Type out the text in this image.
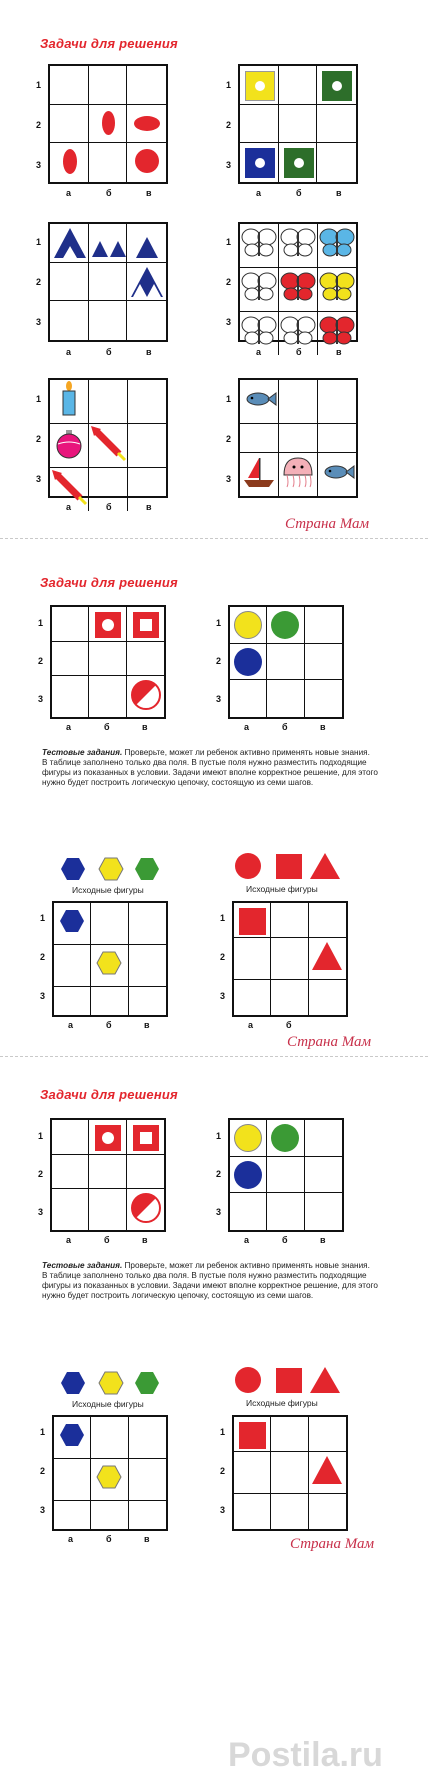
Задачи для решения
1
2
3
а	б	в
1
2
3
а	б	в
1
2
3
а	б	в
1
2
3
а	б	в
1
2
3
а	б	в
1
2
3
Страна Мам
Задачи для решения
1
2
3
а	б	в
1
2
3
а	б	в
Тестовые задания. Проверьте, может ли ребенок активно применять новые знания.
В таблице заполнено только два поля. В пустые поля нужно разместить подходящие фигуры из показанных в условии. Задачи имеют вполне корректное решение, для этого нужно будет построить логическую цепочку, состоящую из семи шагов.
Исходные фигуры	Исходные фигуры
1
2
3
а	б	в
1
2
3
а	б
Страна Мам
Задачи для решения
1
2
3
а	б	в
1
2
3
а	б	в
Тестовые задания. Проверьте, может ли ребенок активно применять новые знания.
В таблице заполнено только два поля. В пустые поля нужно разместить подходящие фигуры из показанных в условии. Задачи имеют вполне корректное решение, для этого нужно будет построить логическую цепочку, состоящую из семи шагов.
Исходные фигуры	Исходные фигуры
1
2
3
а	б	в
1
2
3
Postila.ru
Страна Мам
